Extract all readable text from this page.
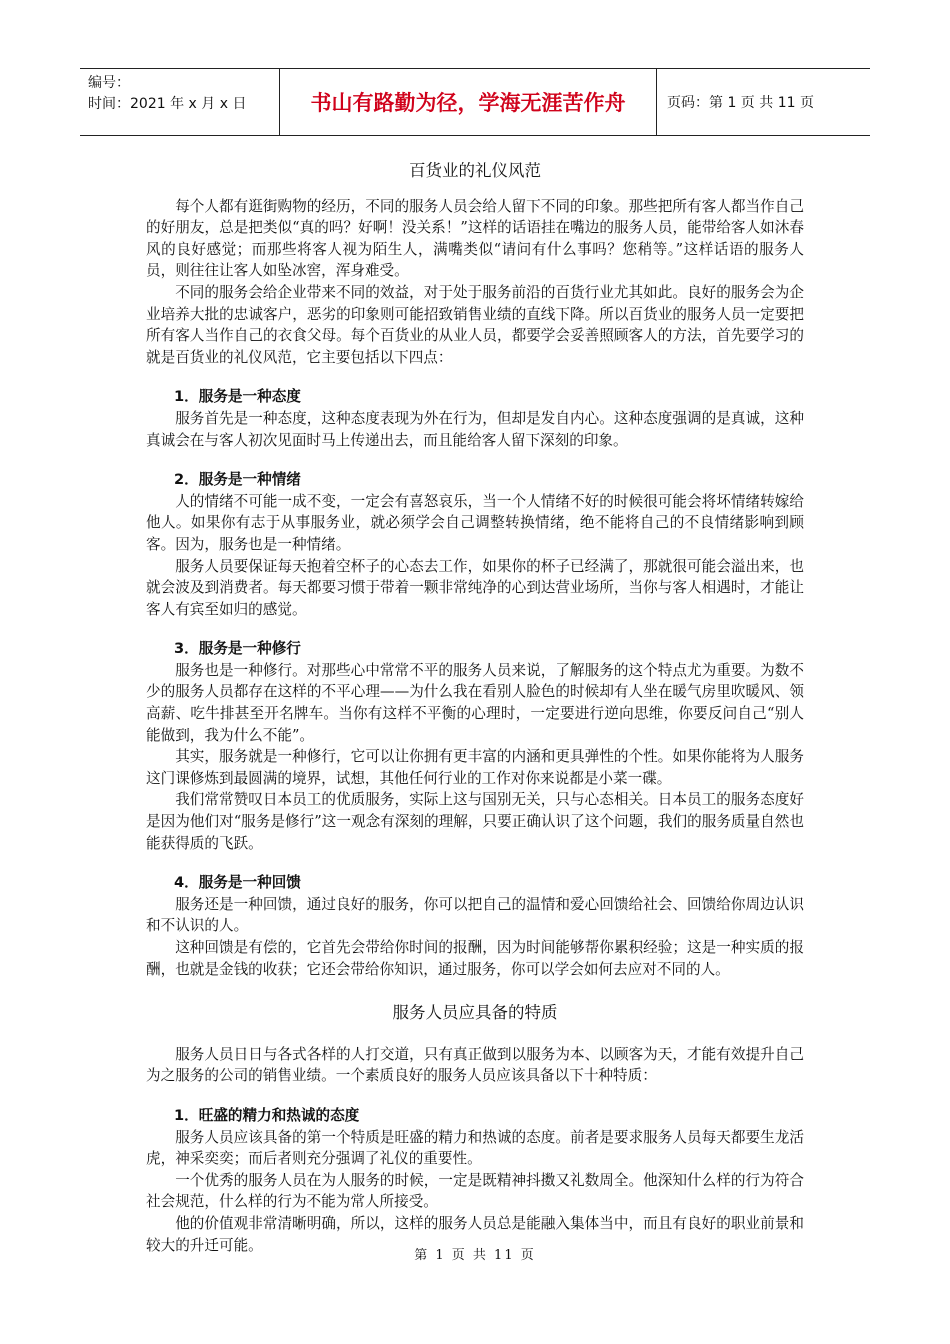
编号：
时间：2021 年 x 月 x 日	书山有路勤为径，学海无涯苦作舟	页码：第 1 页 共 11 页
百货业的礼仪风范

每个人都有逛街购物的经历，不同的服务人员会给人留下不同的印象。那些把所有客人都当作自己的好朋友，总是把类似“真的吗？好啊！没关系！”这样的话语挂在嘴边的服务人员，能带给客人如沐春风的良好感觉；而那些将客人视为陌生人，满嘴类似“请问有什么事吗？您稍等。”这样话语的服务人员，则往往让客人如坠冰窖，浑身难受。

不同的服务会给企业带来不同的效益，对于处于服务前沿的百货行业尤其如此。良好的服务会为企业培养大批的忠诚客户，恶劣的印象则可能招致销售业绩的直线下降。所以百货业的服务人员一定要把所有客人当作自己的衣食父母。每个百货业的从业人员，都要学会妥善照顾客人的方法，首先要学习的就是百货业的礼仪风范，它主要包括以下四点：

1．服务是一种态度

服务首先是一种态度，这种态度表现为外在行为，但却是发自内心。这种态度强调的是真诚，这种真诚会在与客人初次见面时马上传递出去，而且能给客人留下深刻的印象。

2．服务是一种情绪

人的情绪不可能一成不变，一定会有喜怒哀乐，当一个人情绪不好的时候很可能会将坏情绪转嫁给他人。如果你有志于从事服务业，就必须学会自己调整转换情绪，绝不能将自己的不良情绪影响到顾客。因为，服务也是一种情绪。

服务人员要保证每天抱着空杯子的心态去工作，如果你的杯子已经满了，那就很可能会溢出来，也就会波及到消费者。每天都要习惯于带着一颗非常纯净的心到达营业场所，当你与客人相遇时，才能让客人有宾至如归的感觉。

3．服务是一种修行

服务也是一种修行。对那些心中常常不平的服务人员来说，了解服务的这个特点尤为重要。为数不少的服务人员都存在这样的不平心理——为什么我在看别人脸色的时候却有人坐在暖气房里吹暖风、领高薪、吃牛排甚至开名牌车。当你有这样不平衡的心理时，一定要进行逆向思维，你要反问自己“别人能做到，我为什么不能”。

其实，服务就是一种修行，它可以让你拥有更丰富的内涵和更具弹性的个性。如果你能将为人服务这门课修炼到最圆满的境界，试想，其他任何行业的工作对你来说都是小菜一碟。

我们常常赞叹日本员工的优质服务，实际上这与国别无关，只与心态相关。日本员工的服务态度好是因为他们对“服务是修行”这一观念有深刻的理解，只要正确认识了这个问题，我们的服务质量自然也能获得质的飞跃。

4．服务是一种回馈

服务还是一种回馈，通过良好的服务，你可以把自己的温情和爱心回馈给社会、回馈给你周边认识和不认识的人。

这种回馈是有偿的，它首先会带给你时间的报酬，因为时间能够帮你累积经验；这是一种实质的报酬，也就是金钱的收获；它还会带给你知识，通过服务，你可以学会如何去应对不同的人。

服务人员应具备的特质

服务人员日日与各式各样的人打交道，只有真正做到以服务为本、以顾客为天，才能有效提升自己为之服务的公司的销售业绩。一个素质良好的服务人员应该具备以下十种特质：

1．旺盛的精力和热诚的态度

服务人员应该具备的第一个特质是旺盛的精力和热诚的态度。前者是要求服务人员每天都要生龙活虎，神采奕奕；而后者则充分强调了礼仪的重要性。

一个优秀的服务人员在为人服务的时候，一定是既精神抖擞又礼数周全。他深知什么样的行为符合社会规范，什么样的行为不能为常人所接受。

他的价值观非常清晰明确，所以，这样的服务人员总是能融入集体当中，而且有良好的职业前景和较大的升迁可能。

第 1 页 共 11 页
